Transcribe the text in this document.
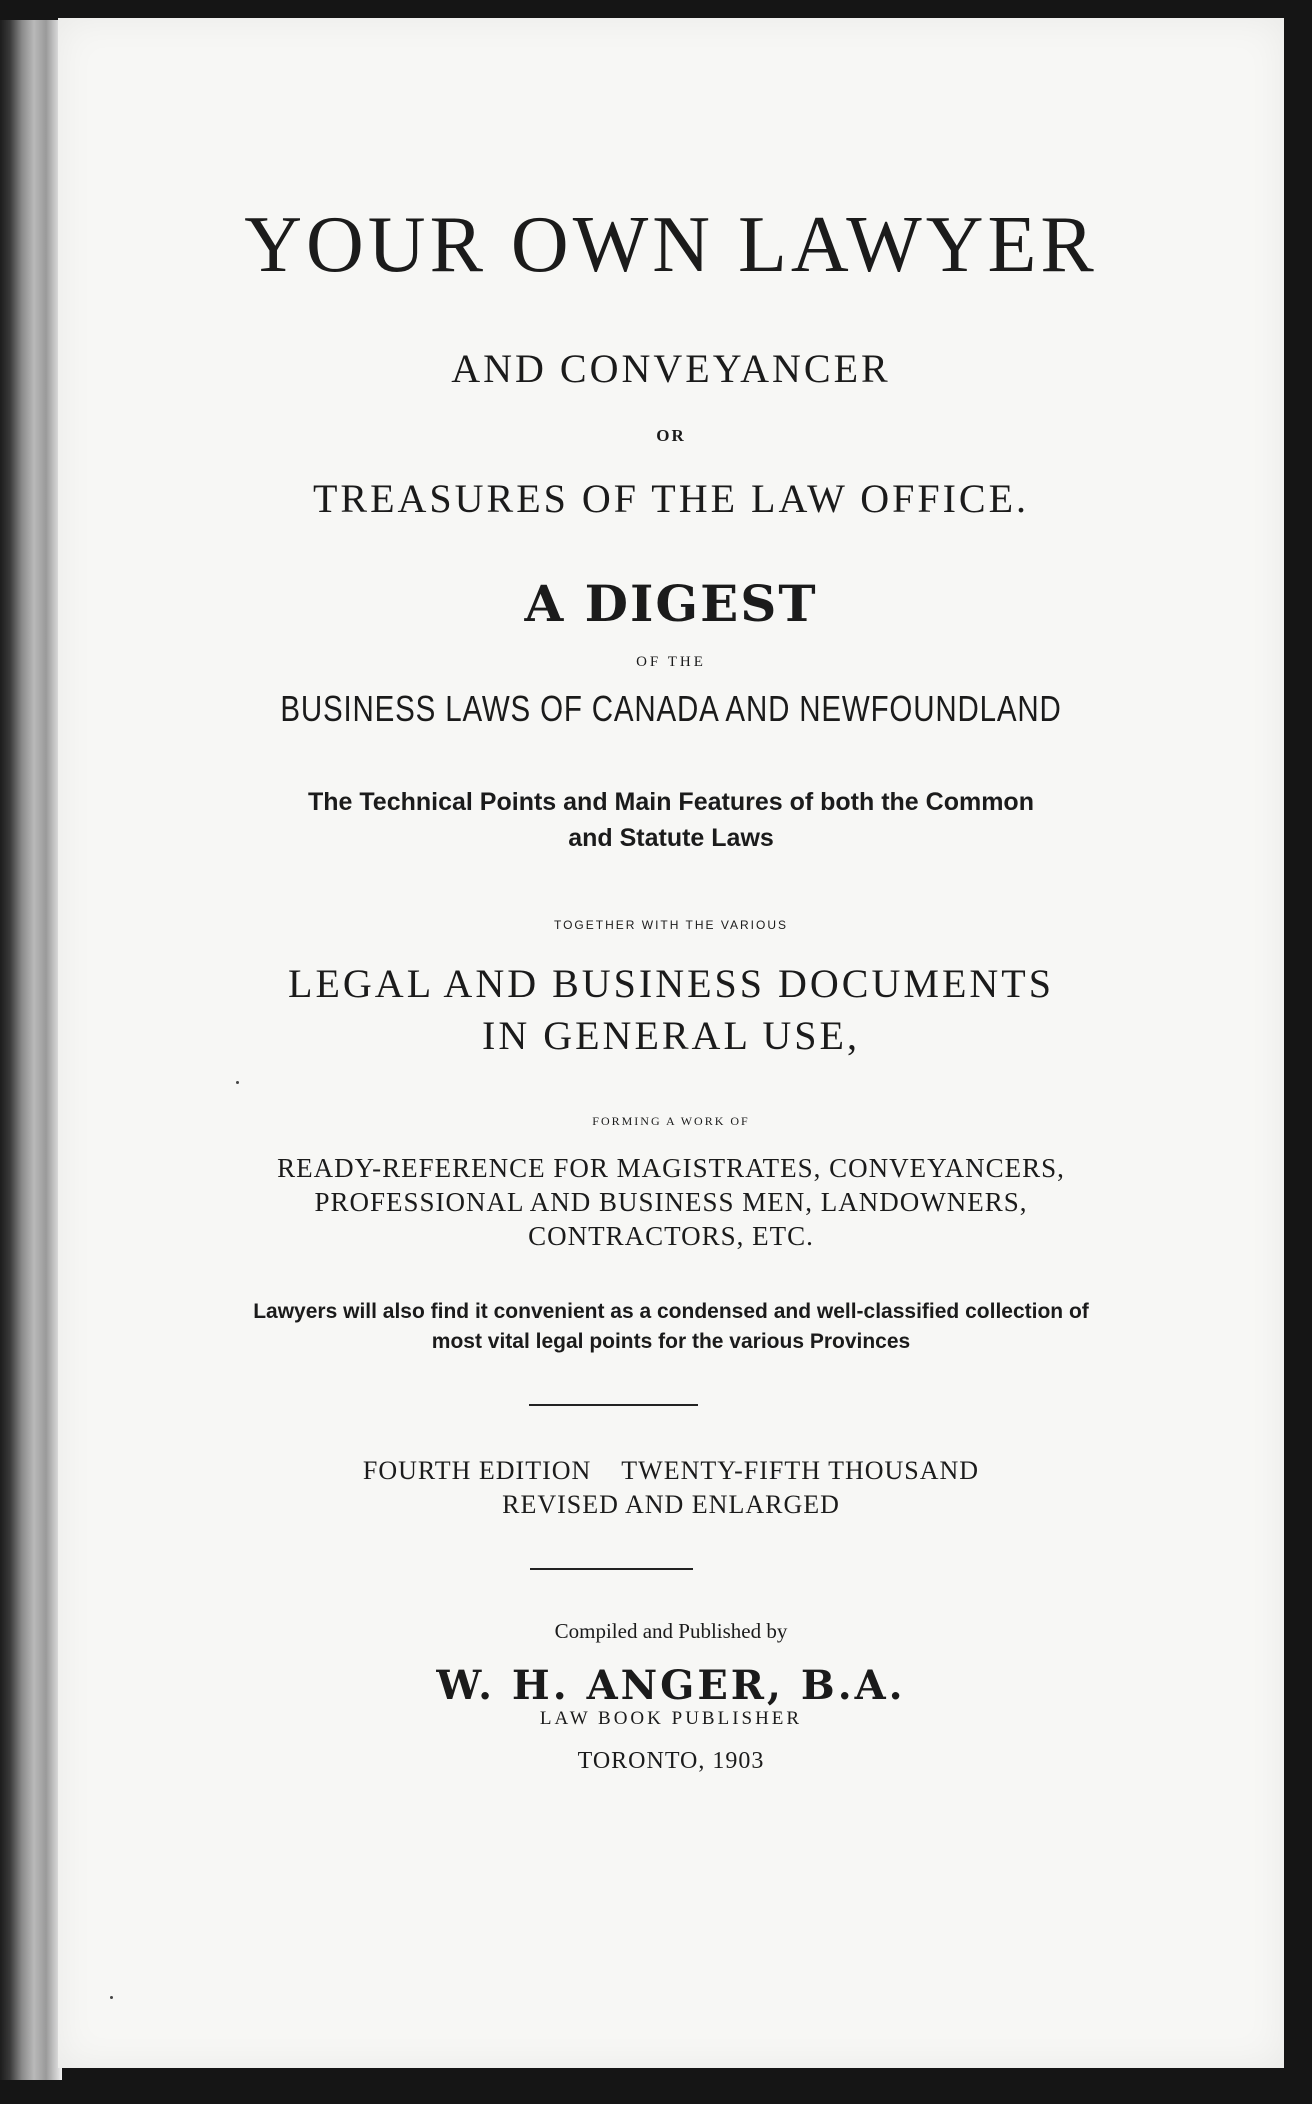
YOUR OWN LAWYER
AND CONVEYANCER
OR
TREASURES OF THE LAW OFFICE.
A DIGEST
OF THE
BUSINESS LAWS OF CANADA AND NEWFOUNDLAND
The Technical Points and Main Features of both the Common
and Statute Laws
TOGETHER WITH THE VARIOUS
LEGAL AND BUSINESS DOCUMENTS
IN GENERAL USE,
FORMING A WORK OF
READY-REFERENCE FOR MAGISTRATES, CONVEYANCERS,
PROFESSIONAL AND BUSINESS MEN, LANDOWNERS,
CONTRACTORS, ETC.
Lawyers will also find it convenient as a condensed and well-classified collection of
most vital legal points for the various Provinces
FOURTH EDITION TWENTY-FIFTH THOUSAND
REVISED AND ENLARGED
Compiled and Published by
W. H. ANGER, B.A.
LAW BOOK PUBLISHER
TORONTO, 1903
